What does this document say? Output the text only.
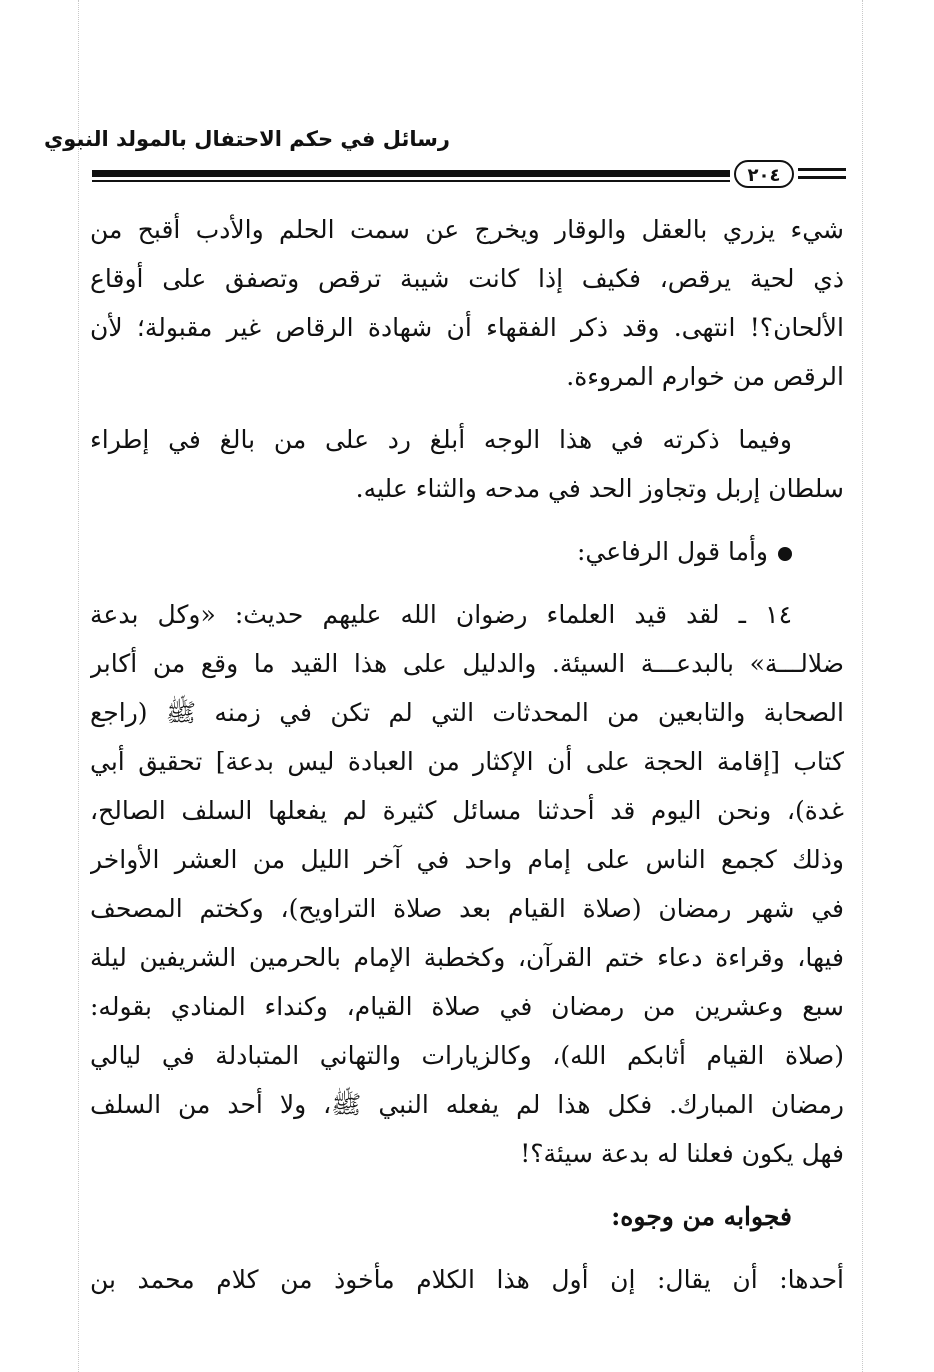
رسائل في حكم الاحتفال بالمولد النبوي
٢٠٤
شيء يزري بالعقل والوقار ويخرج عن سمت الحلم والأدب أقبح من
ذي لحية يرقص، فكيف إذا كانت شيبة ترقص وتصفق على أوقاع
الألحان؟! انتهى. وقد ذكر الفقهاء أن شهادة الرقاص غير مقبولة؛ لأن
الرقص من خوارم المروءة.
وفيما ذكرته في هذا الوجه أبلغ رد على من بالغ في إطراء
سلطان إربل وتجاوز الحد في مدحه والثناء عليه.
وأما قول الرفاعي:
١٤ ـ لقد قيد العلماء رضوان الله عليهم حديث: «وكل بدعة
ضلالـــة» بالبدعـــة السيئة. والدليل على هذا القيد ما وقع من أكابر
الصحابة والتابعين من المحدثات التي لم تكن في زمنه ﷺ (راجع
كتاب [إقامة الحجة على أن الإكثار من العبادة ليس بدعة] تحقيق أبي
غدة)، ونحن اليوم قد أحدثنا مسائل كثيرة لم يفعلها السلف الصالح،
وذلك كجمع الناس على إمام واحد في آخر الليل من العشر الأواخر
في شهر رمضان (صلاة القيام بعد صلاة التراويح)، وكختم المصحف
فيها، وقراءة دعاء ختم القرآن، وكخطبة الإمام بالحرمين الشريفين ليلة
سبع وعشرين من رمضان في صلاة القيام، وكنداء المنادي بقوله:
(صلاة القيام أثابكم الله)، وكالزيارات والتهاني المتبادلة في ليالي
رمضان المبارك. فكل هذا لم يفعله النبي ﷺ، ولا أحد من السلف
فهل يكون فعلنا له بدعة سيئة؟!
فجوابه من وجوه:
أحدها: أن يقال: إن أول هذا الكلام مأخوذ من كلام محمد بن
